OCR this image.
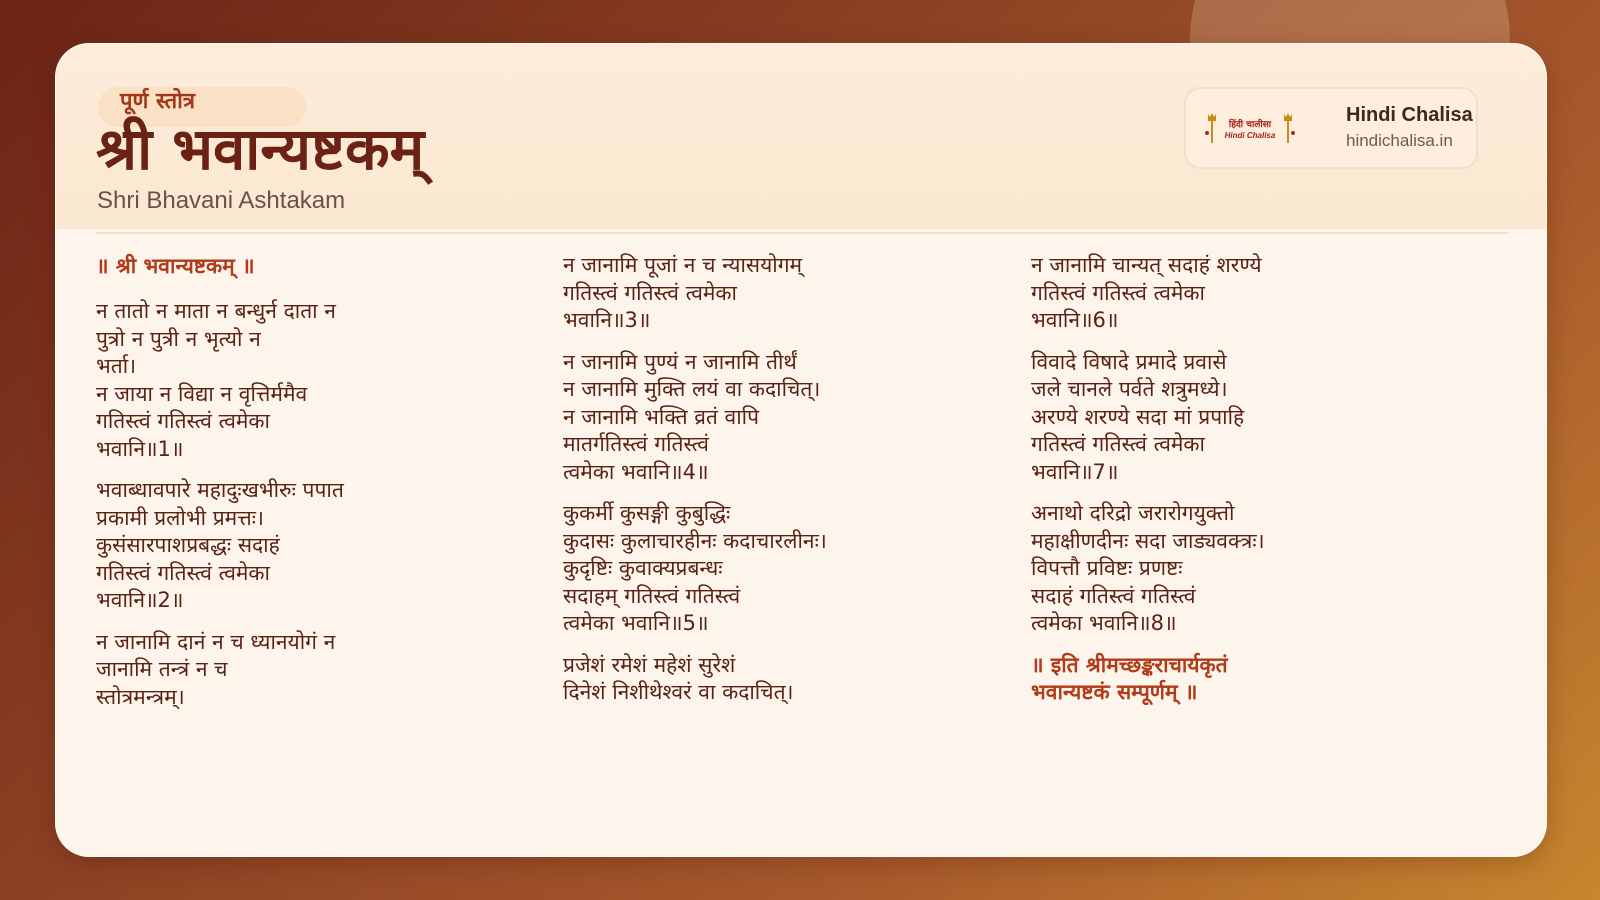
पूर्ण स्तोत्र
श्री भवान्यष्टकम्
Shri Bhavani Ashtakam
हिंदी चालीसा
Hindi Chalisa
Hindi Chalisa
hindichalisa.in
॥ श्री भवान्यष्टकम् ॥
न तातो न माता न बन्धुर्न दाता न
पुत्रो न पुत्री न भृत्यो न
भर्ता।
न जाया न विद्या न वृत्तिर्ममैव
गतिस्त्वं गतिस्त्वं त्वमेका
भवानि॥1॥
भवाब्धावपारे महादुःखभीरुः पपात
प्रकामी प्रलोभी प्रमत्तः।
कुसंसारपाशप्रबद्धः सदाहं
गतिस्त्वं गतिस्त्वं त्वमेका
भवानि॥2॥
न जानामि दानं न च ध्यानयोगं न
जानामि तन्त्रं न च
स्तोत्रमन्त्रम्।
न जानामि पूजां न च न्यासयोगम्
गतिस्त्वं गतिस्त्वं त्वमेका
भवानि॥3॥
न जानामि पुण्यं न जानामि तीर्थं
न जानामि मुक्ति लयं वा कदाचित्।
न जानामि भक्ति व्रतं वापि
मातर्गतिस्त्वं गतिस्त्वं
त्वमेका भवानि॥4॥
कुकर्मी कुसङ्गी कुबुद्धिः
कुदासः कुलाचारहीनः कदाचारलीनः।
कुदृष्टिः कुवाक्यप्रबन्धः
सदाहम् गतिस्त्वं गतिस्त्वं
त्वमेका भवानि॥5॥
प्रजेशं रमेशं महेशं सुरेशं
दिनेशं निशीथेश्वरं वा कदाचित्।
न जानामि चान्यत् सदाहं शरण्ये
गतिस्त्वं गतिस्त्वं त्वमेका
भवानि॥6॥
विवादे विषादे प्रमादे प्रवासे
जले चानले पर्वते शत्रुमध्ये।
अरण्ये शरण्ये सदा मां प्रपाहि
गतिस्त्वं गतिस्त्वं त्वमेका
भवानि॥7॥
अनाथो दरिद्रो जरारोगयुक्तो
महाक्षीणदीनः सदा जाड्यवक्त्रः।
विपत्तौ प्रविष्टः प्रणष्टः
सदाहं गतिस्त्वं गतिस्त्वं
त्वमेका भवानि॥8॥
॥ इति श्रीमच्छङ्कराचार्यकृतं
भवान्यष्टकं सम्पूर्णम् ॥
